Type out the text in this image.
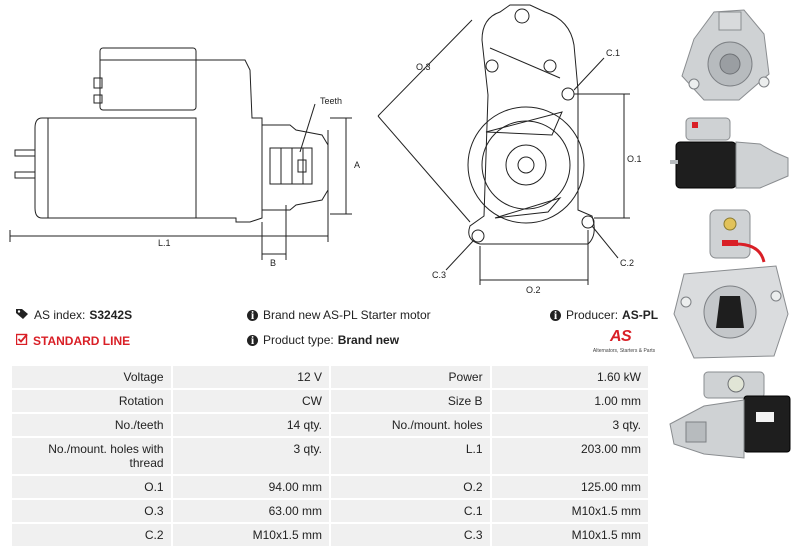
Teeth
A
B
L.1
O.3
C.1
O.1
C.3
C.2
O.2
AS index: S3242S	i Brand new AS-PL Starter motor	i Producer: AS-PL
STANDARD LINE	i Product type: Brand new	AS
Alternators, Starters & Parts
Voltage	12 V	Power	1.60 kW
Rotation	CW	Size B	1.00 mm
No./teeth	14 qty.	No./mount. holes	3 qty.
No./mount. holes with thread	3 qty.	L.1	203.00 mm
O.1	94.00 mm	O.2	125.00 mm
O.3	63.00 mm	C.1	M10x1.5 mm
C.2	M10x1.5 mm	C.3	M10x1.5 mm
